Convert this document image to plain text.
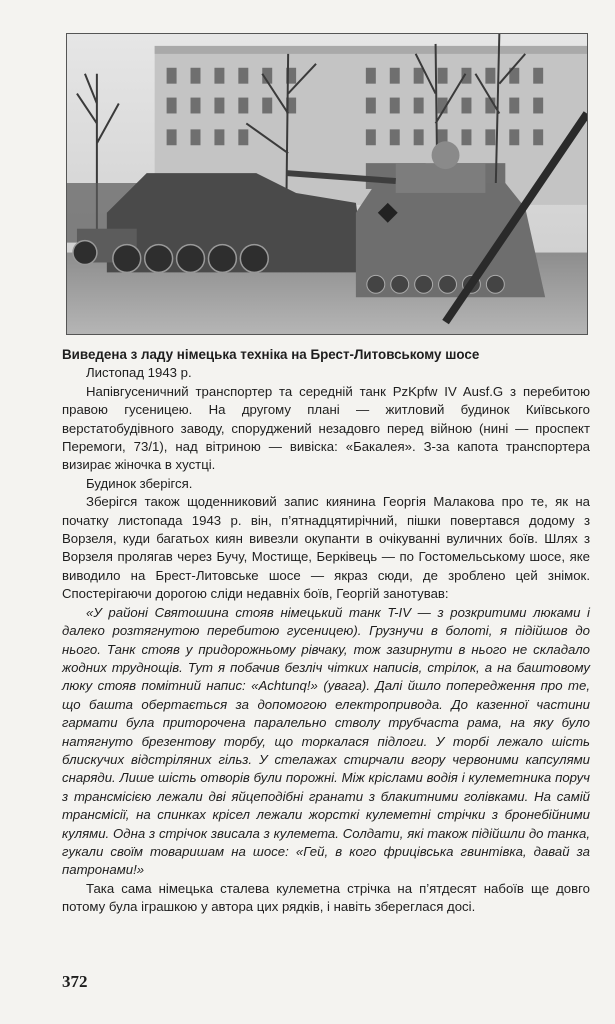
Виведена з ладу німецька техніка на Брест-Литовському шосе
Листопад 1943 р.

Напівгусеничний транспортер та середній танк PzKpfw IV Ausf.G з перебитою правою гусеницею. На другому плані — житловий будинок Київського верстатобудівного заводу, споруджений незадовго перед війною (нині — проспект Перемоги, 73/1), над вітриною — вивіска: «Бакалея». З-за капота транспортера визирає жіночка в хустці.

Будинок зберігся.

Зберігся також щоденниковий запис киянина Георгія Малакова про те, як на початку листопада 1943 р. він, п’ятнадцятирічний, пішки повертався додому з Ворзеля, куди багатьох киян вивезли окупанти в очікуванні вуличних боїв. Шлях з Ворзеля пролягав через Бучу, Мостище, Берківець — по Гостомельському шосе, яке виводило на Брест-Литовське шосе — якраз сюди, де зроблено цей знімок. Спостерігаючи дорогою сліди недавніх боїв, Георгій занотував:

«У районі Святошина стояв німецький танк T-IV — з розкритими люками і далеко розтягнутою перебитою гусеницею). Грузнучи в болоті, я підійшов до нього. Танк стояв у придорожньому рівчаку, тож зазирнути в нього не складало жодних труднощів. Тут я побачив безліч чітких написів, стрілок, а на баштовому люку стояв помітний напис: «Achtunq!» (увага). Далі йшло попередження про те, що башта обертається за допомогою електропривода. До казенної частини гармати була приторочена паралельно стволу трубчаста рама, на яку було натягнуто брезентову торбу, що торкалася підлоги. У торбі лежало шість блискучих відстріляних гільз. У стелажах стирчали вгору червоними капсулями снаряди. Лише шість отворів були порожні. Між кріслами водія і кулеметника поруч з трансмісією лежали дві яйцеподібні гранати з блакитними голівками. На самій трансмісії, на спинках крісел лежали жорсткі кулеметні стрічки з бронебійними кулями. Одна з стрічок звисала з кулемета. Солдати, які також підійшли до танка, гукали своїм товаришам на шосе: «Гей, в кого фрицівська гвинтівка, давай за патронами!»

Така сама німецька сталева кулеметна стрічка на п’ятдесят набоїв ще довго потому була іграшкою у автора цих рядків, і навіть збереглася досі.

372
